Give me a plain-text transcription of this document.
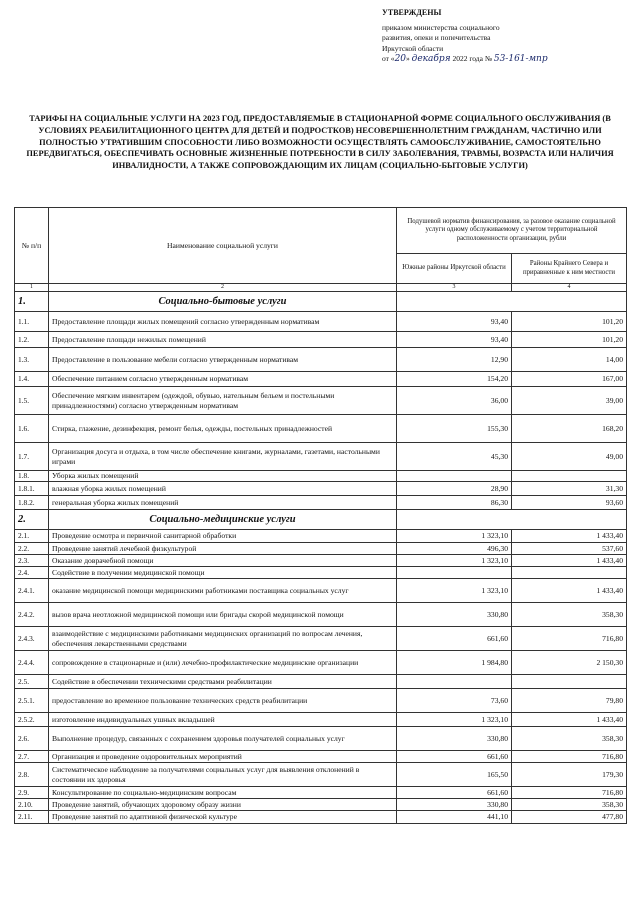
УТВЕРЖДЕНЫ
приказом министерства социального
развития, опеки и попечительства
Иркутской области
от «20» декабря 2022 года № 53-161-мпр
ТАРИФЫ НА СОЦИАЛЬНЫЕ УСЛУГИ НА 2023 ГОД, ПРЕДОСТАВЛЯЕМЫЕ В СТАЦИОНАРНОЙ ФОРМЕ СОЦИАЛЬНОГО ОБСЛУЖИВАНИЯ (В УСЛОВИЯХ РЕАБИЛИТАЦИОННОГО ЦЕНТРА ДЛЯ ДЕТЕЙ И ПОДРОСТКОВ) НЕСОВЕРШЕННОЛЕТНИМ ГРАЖДАНАМ, ЧАСТИЧНО ИЛИ ПОЛНОСТЬЮ УТРАТИВШИМ СПОСОБНОСТИ ЛИБО ВОЗМОЖНОСТИ ОСУЩЕСТВЛЯТЬ САМООБСЛУЖИВАНИЕ, САМОСТОЯТЕЛЬНО ПЕРЕДВИГАТЬСЯ, ОБЕСПЕЧИВАТЬ ОСНОВНЫЕ ЖИЗНЕННЫЕ ПОТРЕБНОСТИ В СИЛУ ЗАБОЛЕВАНИЯ, ТРАВМЫ, ВОЗРАСТА ИЛИ НАЛИЧИЯ ИНВАЛИДНОСТИ, А ТАКЖЕ СОПРОВОЖДАЮЩИМ ИХ ЛИЦАМ (СОЦИАЛЬНО-БЫТОВЫЕ УСЛУГИ)
№ п/п	Наименование социальной услуги	Подушевой норматив финансирования, за разовое оказание социальной услуги одному обслуживаемому с учетом территориальной расположенности организации, рубли	
		Южные районы Иркутской области	Районы Крайнего Севера и приравненные к ним местности
1	2	3	4
1.	Социально-бытовые услуги		
1.1.	Предоставление площади жилых помещений согласно утвержденным нормативам	93,40	101,20
1.2.	Предоставление площади нежилых помещений	93,40	101,20
1.3.	Предоставление в пользование мебели согласно утвержденным нормативам	12,90	14,00
1.4.	Обеспечение питанием согласно утвержденным нормативам	154,20	167,00
1.5.	Обеспечение мягким инвентарем (одеждой, обувью, нательным бельем и постельными принадлежностями) согласно утвержденным нормативам	36,00	39,00
1.6.	Стирка, глажение, дезинфекция, ремонт белья, одежды, постельных принадлежностей	155,30	168,20
1.7.	Организация досуга и отдыха, в том числе обеспечение книгами, журналами, газетами, настольными играми	45,30	49,00
1.8.	Уборка жилых помещений		
1.8.1.	влажная уборка жилых помещений	28,90	31,30
1.8.2.	генеральная уборка жилых помещений	86,30	93,60
2.	Социально-медицинские услуги		
2.1.	Проведение осмотра и первичной санитарной обработки	1 323,10	1 433,40
2.2.	Проведение занятий лечебной физкультурой	496,30	537,60
2.3.	Оказание доврачебной помощи	1 323,10	1 433,40
2.4.	Содействие в получении медицинской помощи		
2.4.1.	оказание медицинской помощи медицинскими работниками поставщика социальных услуг	1 323,10	1 433,40
2.4.2.	вызов врача неотложной медицинской помощи или бригады скорой медицинской помощи	330,80	358,30
2.4.3.	взаимодействие с медицинскими работниками медицинских организаций по вопросам лечения, обеспечения лекарственными средствами	661,60	716,80
2.4.4.	сопровождение в стационарные и (или) лечебно-профилактические медицинские организации	1 984,80	2 150,30
2.5.	Содействие в обеспечении техническими средствами реабилитации		
2.5.1.	предоставление во временное пользование технических средств реабилитации	73,60	79,80
2.5.2.	изготовление индивидуальных ушных вкладышей	1 323,10	1 433,40
2.6.	Выполнение процедур, связанных с сохранением здоровья получателей социальных услуг	330,80	358,30
2.7.	Организация и проведение оздоровительных мероприятий	661,60	716,80
2.8.	Систематическое наблюдение за получателями социальных услуг для выявления отклонений в состоянии их здоровья	165,50	179,30
2.9.	Консультирование по социально-медицинским вопросам	661,60	716,80
2.10.	Проведение занятий, обучающих здоровому образу жизни	330,80	358,30
2.11.	Проведение занятий по адаптивной физической культуре	441,10	477,80
